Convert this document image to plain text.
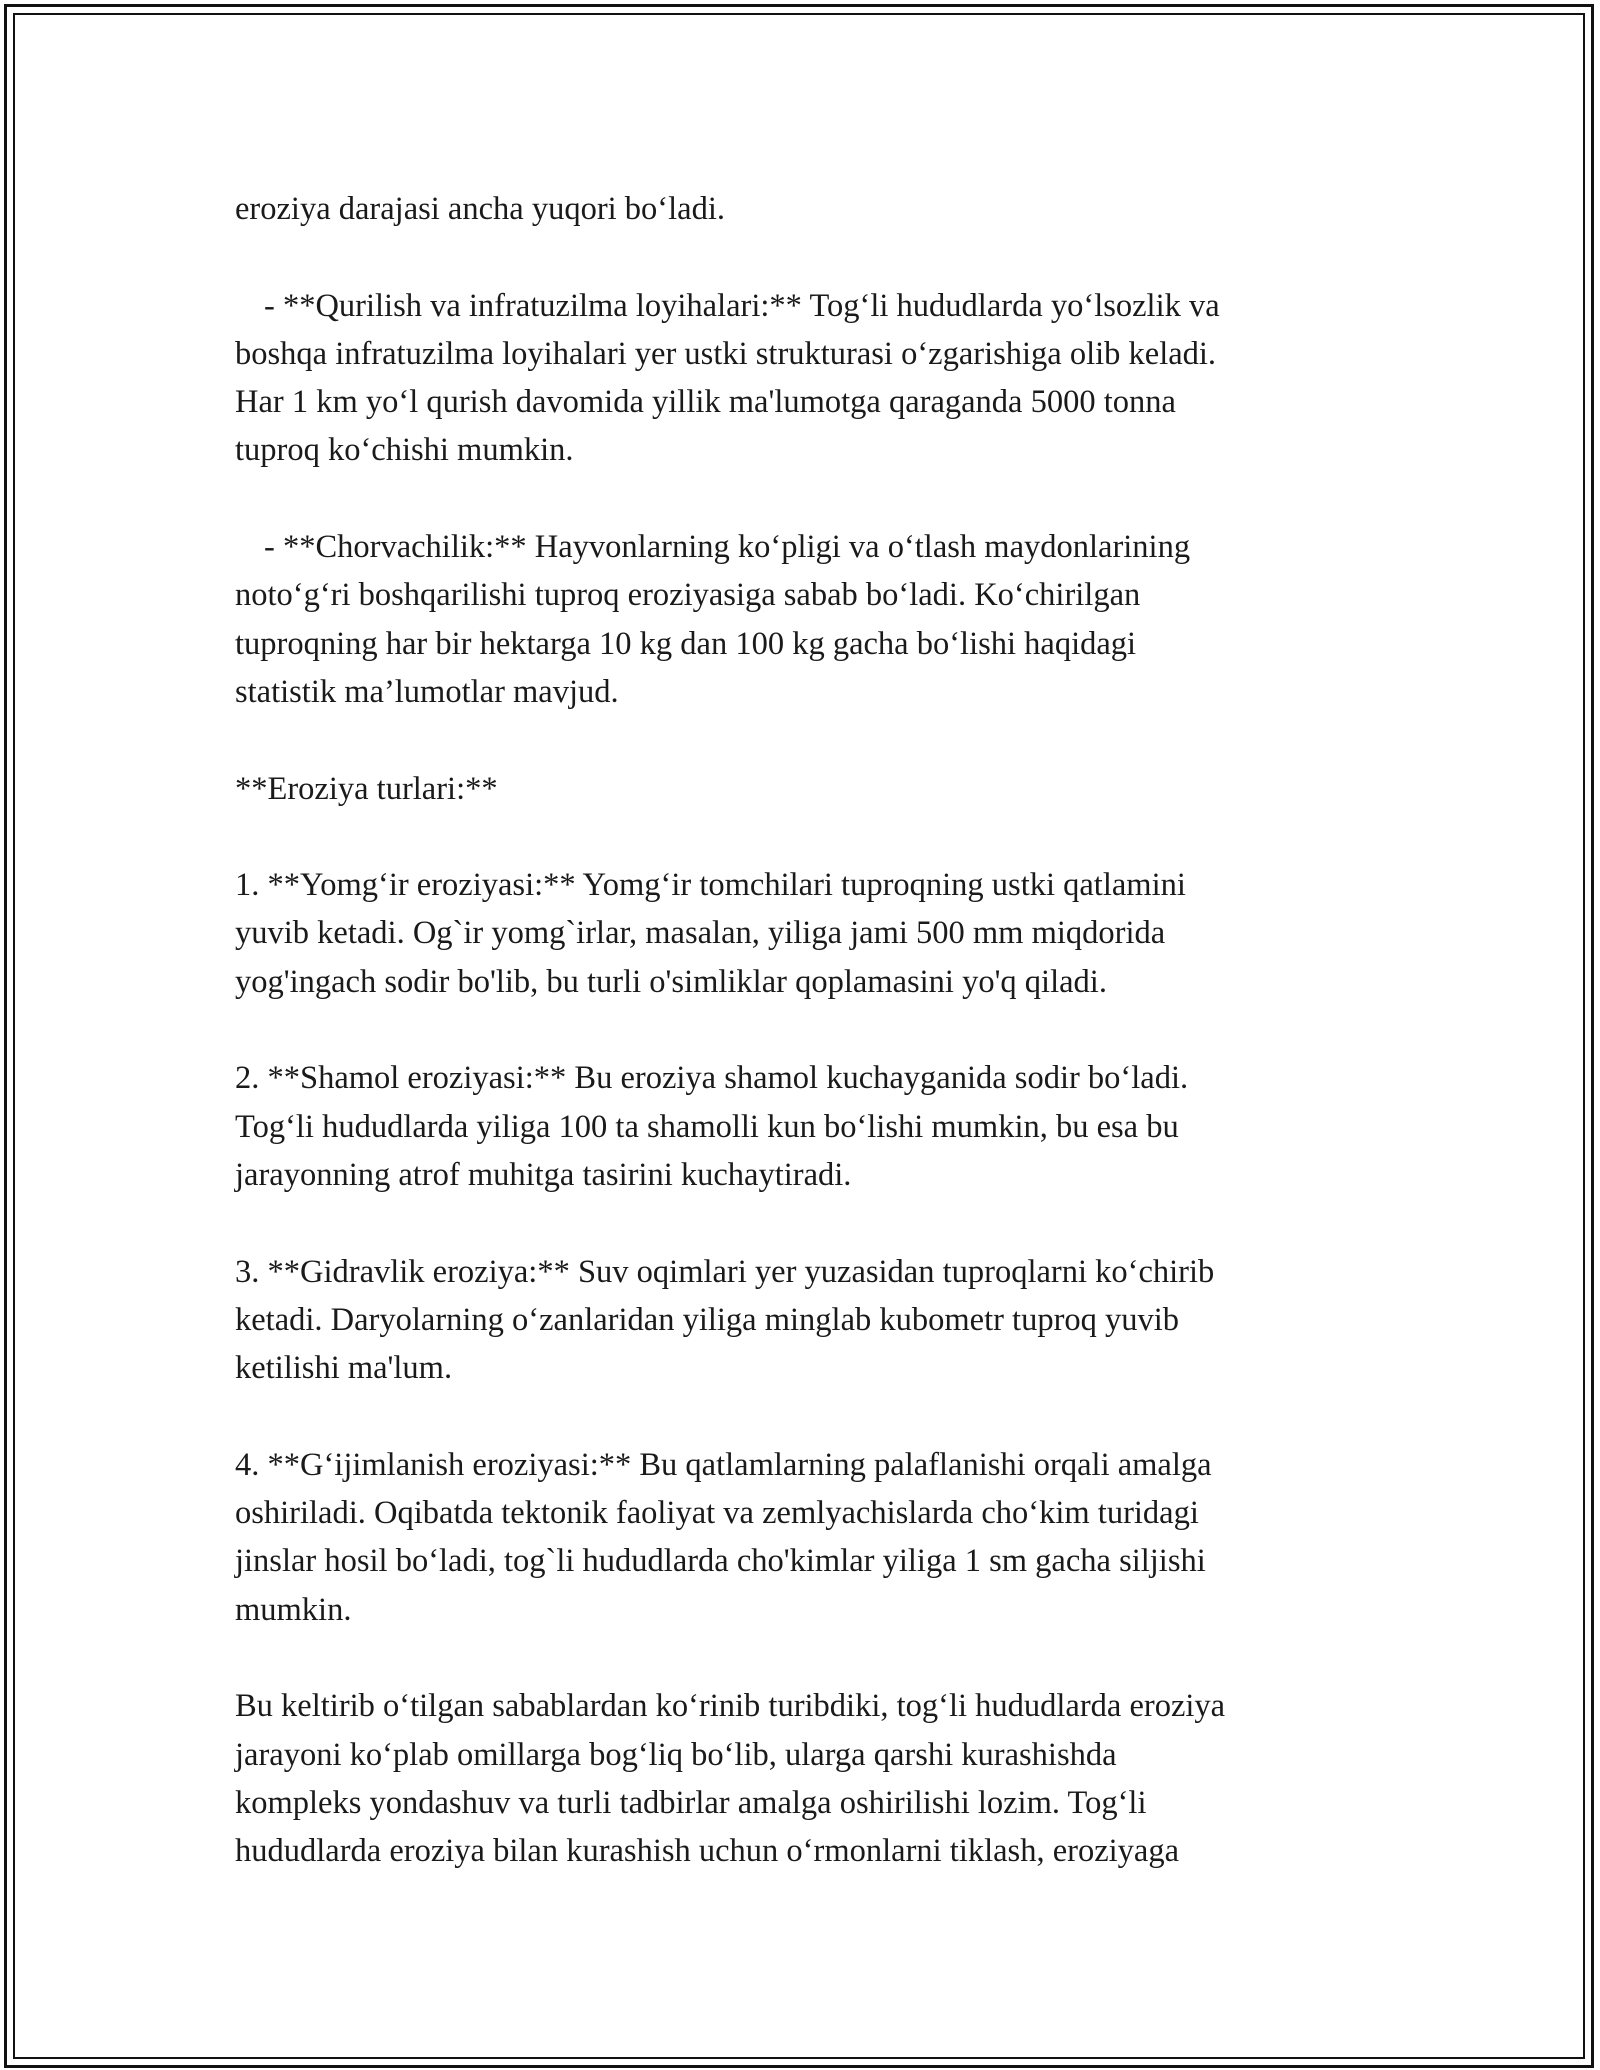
eroziya darajasi ancha yuqori bo‘ladi.
- **Qurilish va infratuzilma loyihalari:** Tog‘li hududlarda yo‘lsozlik va
boshqa infratuzilma loyihalari yer ustki strukturasi o‘zgarishiga olib keladi.
Har 1 km yo‘l qurish davomida yillik ma'lumotga qaraganda 5000 tonna
tuproq ko‘chishi mumkin.
- **Chorvachilik:** Hayvonlarning ko‘pligi va o‘tlash maydonlarining
noto‘g‘ri boshqarilishi tuproq eroziyasiga sabab bo‘ladi. Ko‘chirilgan
tuproqning har bir hektarga 10 kg dan 100 kg gacha bo‘lishi haqidagi
statistik ma’lumotlar mavjud.
**Eroziya turlari:**
1. **Yomg‘ir eroziyasi:** Yomg‘ir tomchilari tuproqning ustki qatlamini
yuvib ketadi. Og`ir yomg`irlar, masalan, yiliga jami 500 mm miqdorida
yog'ingach sodir bo'lib, bu turli o'simliklar qoplamasini yo'q qiladi.
2. **Shamol eroziyasi:** Bu eroziya shamol kuchayganida sodir bo‘ladi.
Tog‘li hududlarda yiliga 100 ta shamolli kun bo‘lishi mumkin, bu esa bu
jarayonning atrof muhitga tasirini kuchaytiradi.
3. **Gidravlik eroziya:** Suv oqimlari yer yuzasidan tuproqlarni ko‘chirib
ketadi. Daryolarning o‘zanlaridan yiliga minglab kubometr tuproq yuvib
ketilishi ma'lum.
4. **G‘ijimlanish eroziyasi:** Bu qatlamlarning palaflanishi orqali amalga
oshiriladi. Oqibatda tektonik faoliyat va zemlyachislarda cho‘kim turidagi
jinslar hosil bo‘ladi, tog`li hududlarda cho'kimlar yiliga 1 sm gacha siljishi
mumkin.
Bu keltirib o‘tilgan sabablardan ko‘rinib turibdiki, tog‘li hududlarda eroziya
jarayoni ko‘plab omillarga bog‘liq bo‘lib, ularga qarshi kurashishda
kompleks yondashuv va turli tadbirlar amalga oshirilishi lozim. Tog‘li
hududlarda eroziya bilan kurashish uchun o‘rmonlarni tiklash, eroziyaga
